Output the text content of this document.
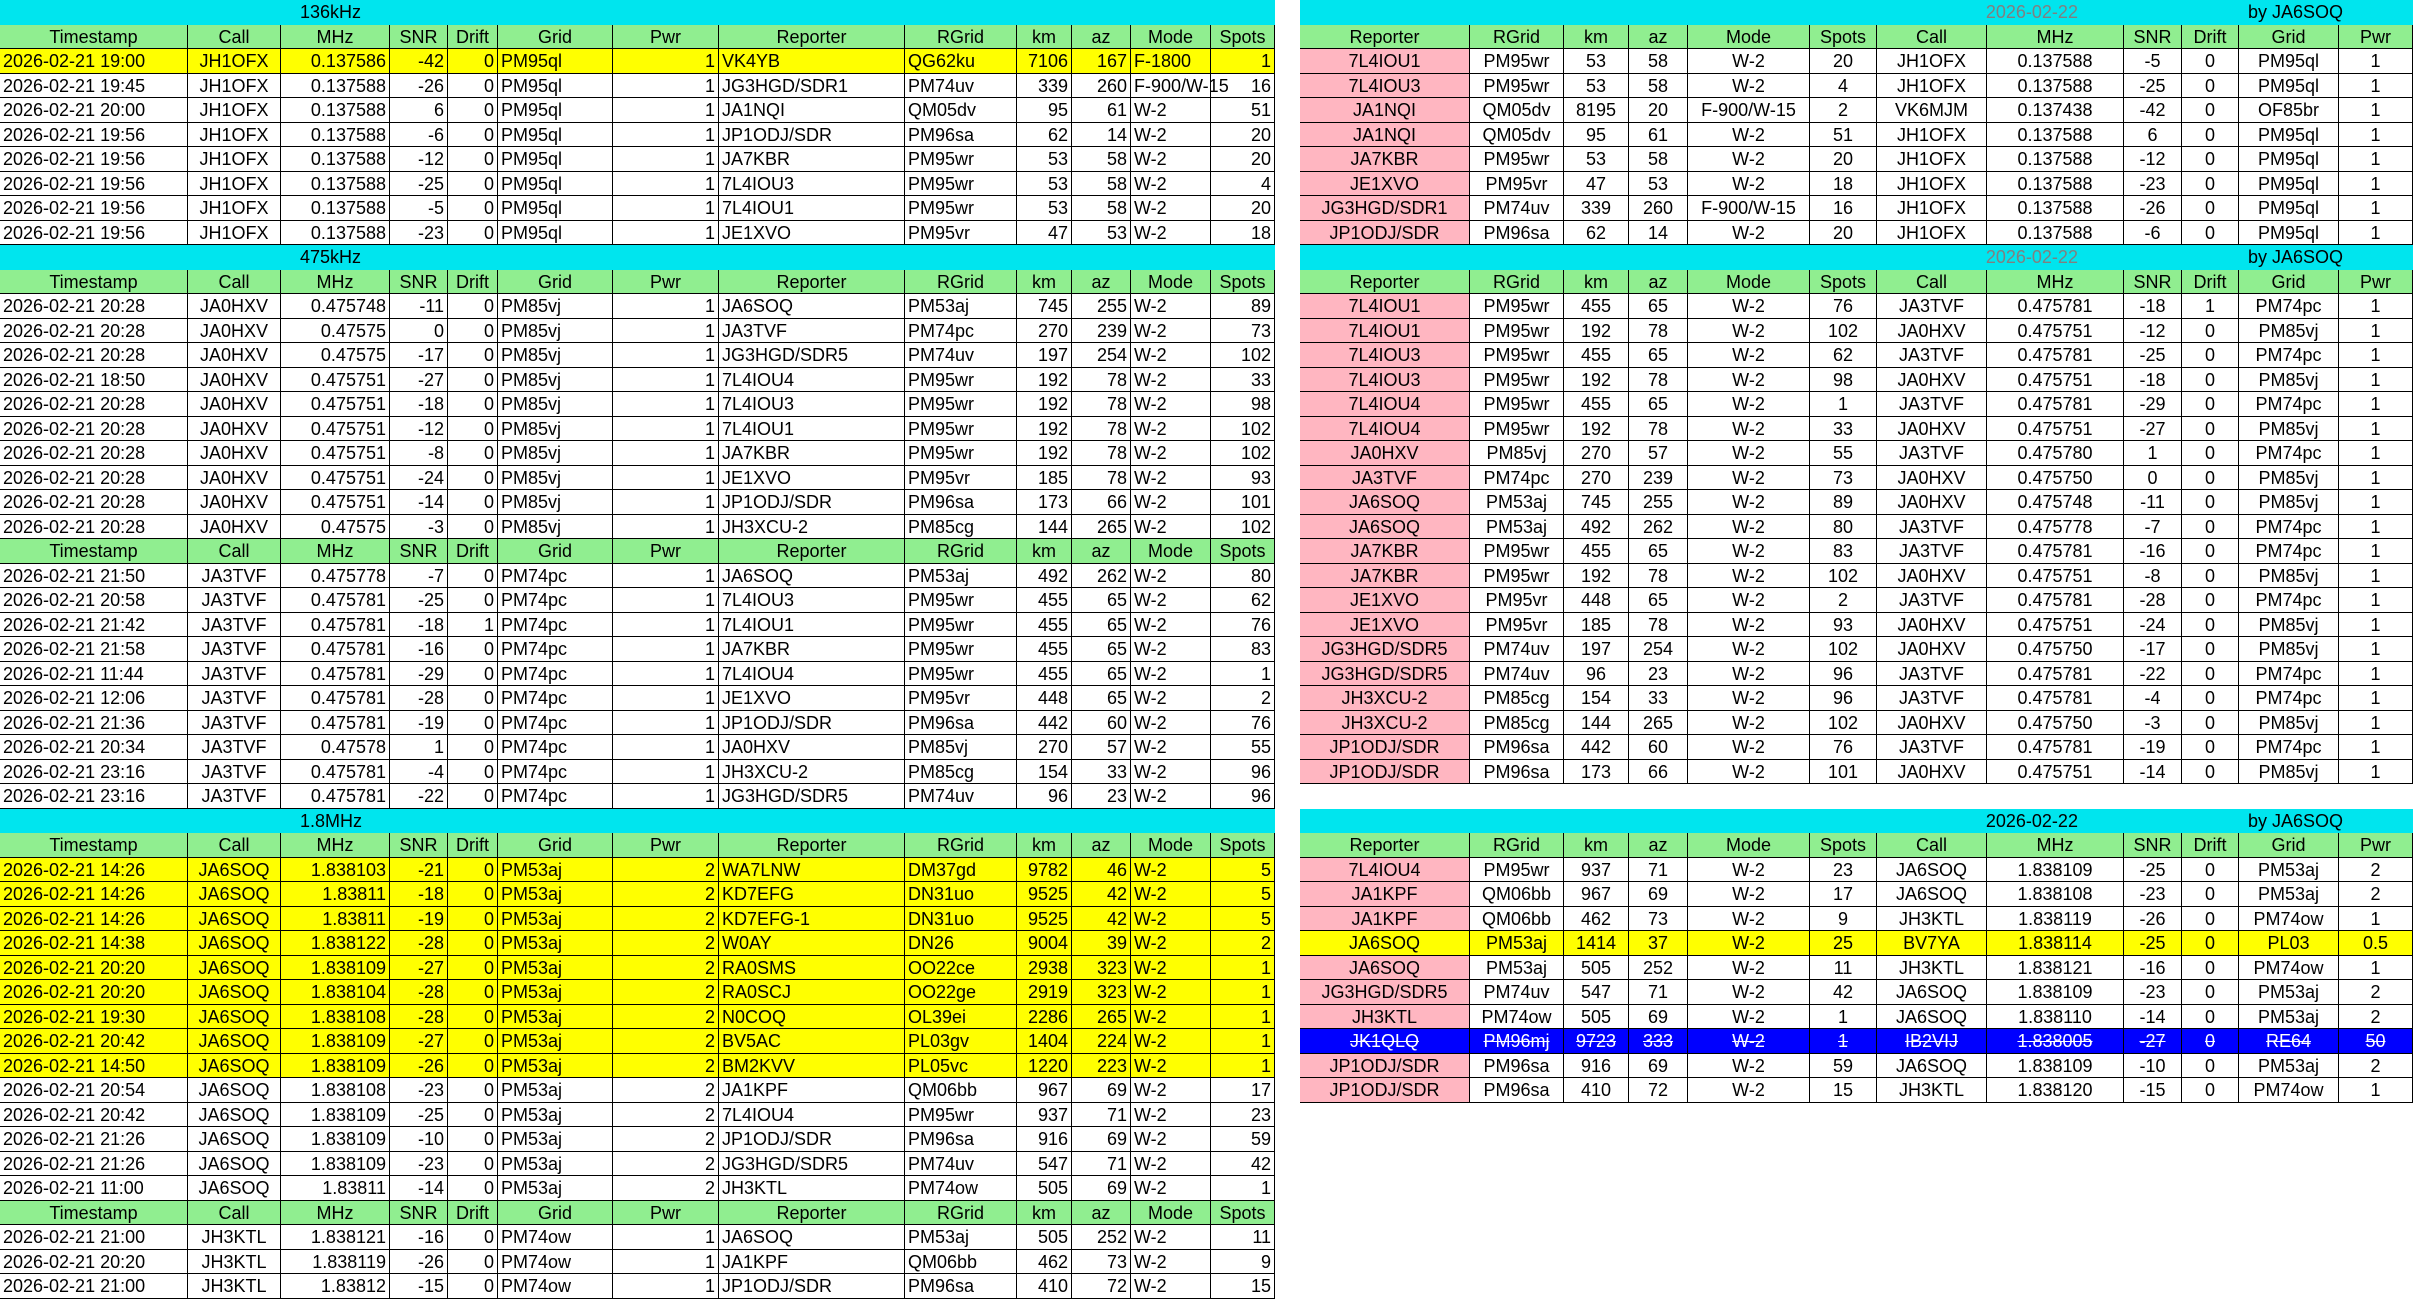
136kHz
Timestamp	Call	MHz	SNR	Drift	Grid	Pwr	Reporter	RGrid	km	az	Mode	Spots
2026-02-21 19:00	JH1OFX	0.137586	-42	0 PM95ql	1 VK4YB	QG62ku	7106	167 F-1800	1
2026-02-21 19:45	JH1OFX	0.137588	-26	0 PM95ql	1 JG3HGD/SDR1	PM74uv	339	260 F-900/W-15	16
2026-02-21 20:00	JH1OFX	0.137588	6	0 PM95ql	1 JA1NQI	QM05dv	95	61 W-2	51
2026-02-21 19:56	JH1OFX	0.137588	-6	0 PM95ql	1 JP1ODJ/SDR	PM96sa	62	14 W-2	20
2026-02-21 19:56	JH1OFX	0.137588	-12	0 PM95ql	1 JA7KBR	PM95wr	53	58 W-2	20
2026-02-21 19:56	JH1OFX	0.137588	-25	0 PM95ql	1 7L4IOU3	PM95wr	53	58 W-2	4
2026-02-21 19:56	JH1OFX	0.137588	-5	0 PM95ql	1 7L4IOU1	PM95wr	53	58 W-2	20
2026-02-21 19:56	JH1OFX	0.137588	-23	0 PM95ql	1 JE1XVO	PM95vr	47	53 W-2	18
475kHz
Timestamp	Call	MHz	SNR	Drift	Grid	Pwr	Reporter	RGrid	km	az	Mode	Spots
2026-02-21 20:28	JA0HXV	0.475748	-11	0 PM85vj	1 JA6SOQ	PM53aj	745	255 W-2	89
2026-02-21 20:28	JA0HXV	0.47575	0	0 PM85vj	1 JA3TVF	PM74pc	270	239 W-2	73
2026-02-21 20:28	JA0HXV	0.47575	-17	0 PM85vj	1 JG3HGD/SDR5	PM74uv	197	254 W-2	102
2026-02-21 18:50	JA0HXV	0.475751	-27	0 PM85vj	1 7L4IOU4	PM95wr	192	78 W-2	33
2026-02-21 20:28	JA0HXV	0.475751	-18	0 PM85vj	1 7L4IOU3	PM95wr	192	78 W-2	98
2026-02-21 20:28	JA0HXV	0.475751	-12	0 PM85vj	1 7L4IOU1	PM95wr	192	78 W-2	102
2026-02-21 20:28	JA0HXV	0.475751	-8	0 PM85vj	1 JA7KBR	PM95wr	192	78 W-2	102
2026-02-21 20:28	JA0HXV	0.475751	-24	0 PM85vj	1 JE1XVO	PM95vr	185	78 W-2	93
2026-02-21 20:28	JA0HXV	0.475751	-14	0 PM85vj	1 JP1ODJ/SDR	PM96sa	173	66 W-2	101
2026-02-21 20:28	JA0HXV	0.47575	-3	0 PM85vj	1 JH3XCU-2	PM85cg	144	265 W-2	102
Timestamp	Call	MHz	SNR	Drift	Grid	Pwr	Reporter	RGrid	km	az	Mode	Spots
2026-02-21 21:50	JA3TVF	0.475778	-7	0 PM74pc	1 JA6SOQ	PM53aj	492	262 W-2	80
2026-02-21 20:58	JA3TVF	0.475781	-25	0 PM74pc	1 7L4IOU3	PM95wr	455	65 W-2	62
2026-02-21 21:42	JA3TVF	0.475781	-18	1 PM74pc	1 7L4IOU1	PM95wr	455	65 W-2	76
2026-02-21 21:58	JA3TVF	0.475781	-16	0 PM74pc	1 JA7KBR	PM95wr	455	65 W-2	83
2026-02-21 11:44	JA3TVF	0.475781	-29	0 PM74pc	1 7L4IOU4	PM95wr	455	65 W-2	1
2026-02-21 12:06	JA3TVF	0.475781	-28	0 PM74pc	1 JE1XVO	PM95vr	448	65 W-2	2
2026-02-21 21:36	JA3TVF	0.475781	-19	0 PM74pc	1 JP1ODJ/SDR	PM96sa	442	60 W-2	76
2026-02-21 20:34	JA3TVF	0.47578	1	0 PM74pc	1 JA0HXV	PM85vj	270	57 W-2	55
2026-02-21 23:16	JA3TVF	0.475781	-4	0 PM74pc	1 JH3XCU-2	PM85cg	154	33 W-2	96
2026-02-21 23:16	JA3TVF	0.475781	-22	0 PM74pc	1 JG3HGD/SDR5	PM74uv	96	23 W-2	96
1.8MHz
Timestamp	Call	MHz	SNR	Drift	Grid	Pwr	Reporter	RGrid	km	az	Mode	Spots
2026-02-21 14:26	JA6SOQ	1.838103	-21	0 PM53aj	2 WA7LNW	DM37gd	9782	46 W-2	5
2026-02-21 14:26	JA6SOQ	1.83811	-18	0 PM53aj	2 KD7EFG	DN31uo	9525	42 W-2	5
2026-02-21 14:26	JA6SOQ	1.83811	-19	0 PM53aj	2 KD7EFG-1	DN31uo	9525	42 W-2	5
2026-02-21 14:38	JA6SOQ	1.838122	-28	0 PM53aj	2 W0AY	DN26	9004	39 W-2	2
2026-02-21 20:20	JA6SOQ	1.838109	-27	0 PM53aj	2 RA0SMS	OO22ce	2938	323 W-2	1
2026-02-21 20:20	JA6SOQ	1.838104	-28	0 PM53aj	2 RA0SCJ	OO22ge	2919	323 W-2	1
2026-02-21 19:30	JA6SOQ	1.838108	-28	0 PM53aj	2 N0COQ	OL39ei	2286	265 W-2	1
2026-02-21 20:42	JA6SOQ	1.838109	-27	0 PM53aj	2 BV5AC	PL03gv	1404	224 W-2	1
2026-02-21 14:50	JA6SOQ	1.838109	-26	0 PM53aj	2 BM2KVV	PL05vc	1220	223 W-2	1
2026-02-21 20:54	JA6SOQ	1.838108	-23	0 PM53aj	2 JA1KPF	QM06bb	967	69 W-2	17
2026-02-21 20:42	JA6SOQ	1.838109	-25	0 PM53aj	2 7L4IOU4	PM95wr	937	71 W-2	23
2026-02-21 21:26	JA6SOQ	1.838109	-10	0 PM53aj	2 JP1ODJ/SDR	PM96sa	916	69 W-2	59
2026-02-21 21:26	JA6SOQ	1.838109	-23	0 PM53aj	2 JG3HGD/SDR5	PM74uv	547	71 W-2	42
2026-02-21 11:00	JA6SOQ	1.83811	-14	0 PM53aj	2 JH3KTL	PM74ow	505	69 W-2	1
Timestamp	Call	MHz	SNR	Drift	Grid	Pwr	Reporter	RGrid	km	az	Mode	Spots
2026-02-21 21:00	JH3KTL	1.838121	-16	0 PM74ow	1 JA6SOQ	PM53aj	505	252 W-2	11
2026-02-21 20:20	JH3KTL	1.838119	-26	0 PM74ow	1 JA1KPF	QM06bb	462	73 W-2	9
2026-02-21 21:00	JH3KTL	1.83812	-15	0 PM74ow	1 JP1ODJ/SDR	PM96sa	410	72 W-2	15
2026-02-22	by JA6SOQ
Reporter	RGrid	km	az	Mode	Spots	Call	MHz	SNR	Drift	Grid	Pwr
7L4IOU1	PM95wr	53	58	W-2	20	JH1OFX	0.137588	-5	0	PM95ql	1
7L4IOU3	PM95wr	53	58	W-2	4	JH1OFX	0.137588	-25	0	PM95ql	1
JA1NQI	QM05dv	8195	20	F-900/W-15	2	VK6MJM	0.137438	-42	0	OF85br	1
JA1NQI	QM05dv	95	61	W-2	51	JH1OFX	0.137588	6	0	PM95ql	1
JA7KBR	PM95wr	53	58	W-2	20	JH1OFX	0.137588	-12	0	PM95ql	1
JE1XVO	PM95vr	47	53	W-2	18	JH1OFX	0.137588	-23	0	PM95ql	1
JG3HGD/SDR1	PM74uv	339	260	F-900/W-15	16	JH1OFX	0.137588	-26	0	PM95ql	1
JP1ODJ/SDR	PM96sa	62	14	W-2	20	JH1OFX	0.137588	-6	0	PM95ql	1
2026-02-22	by JA6SOQ
Reporter	RGrid	km	az	Mode	Spots	Call	MHz	SNR	Drift	Grid	Pwr
7L4IOU1	PM95wr	455	65	W-2	76	JA3TVF	0.475781	-18	1	PM74pc	1
7L4IOU1	PM95wr	192	78	W-2	102	JA0HXV	0.475751	-12	0	PM85vj	1
7L4IOU3	PM95wr	455	65	W-2	62	JA3TVF	0.475781	-25	0	PM74pc	1
7L4IOU3	PM95wr	192	78	W-2	98	JA0HXV	0.475751	-18	0	PM85vj	1
7L4IOU4	PM95wr	455	65	W-2	1	JA3TVF	0.475781	-29	0	PM74pc	1
7L4IOU4	PM95wr	192	78	W-2	33	JA0HXV	0.475751	-27	0	PM85vj	1
JA0HXV	PM85vj	270	57	W-2	55	JA3TVF	0.475780	1	0	PM74pc	1
JA3TVF	PM74pc	270	239	W-2	73	JA0HXV	0.475750	0	0	PM85vj	1
JA6SOQ	PM53aj	745	255	W-2	89	JA0HXV	0.475748	-11	0	PM85vj	1
JA6SOQ	PM53aj	492	262	W-2	80	JA3TVF	0.475778	-7	0	PM74pc	1
JA7KBR	PM95wr	455	65	W-2	83	JA3TVF	0.475781	-16	0	PM74pc	1
JA7KBR	PM95wr	192	78	W-2	102	JA0HXV	0.475751	-8	0	PM85vj	1
JE1XVO	PM95vr	448	65	W-2	2	JA3TVF	0.475781	-28	0	PM74pc	1
JE1XVO	PM95vr	185	78	W-2	93	JA0HXV	0.475751	-24	0	PM85vj	1
JG3HGD/SDR5	PM74uv	197	254	W-2	102	JA0HXV	0.475750	-17	0	PM85vj	1
JG3HGD/SDR5	PM74uv	96	23	W-2	96	JA3TVF	0.475781	-22	0	PM74pc	1
JH3XCU-2	PM85cg	154	33	W-2	96	JA3TVF	0.475781	-4	0	PM74pc	1
JH3XCU-2	PM85cg	144	265	W-2	102	JA0HXV	0.475750	-3	0	PM85vj	1
JP1ODJ/SDR	PM96sa	442	60	W-2	76	JA3TVF	0.475781	-19	0	PM74pc	1
JP1ODJ/SDR	PM96sa	173	66	W-2	101	JA0HXV	0.475751	-14	0	PM85vj	1
2026-02-22	by JA6SOQ
Reporter	RGrid	km	az	Mode	Spots	Call	MHz	SNR	Drift	Grid	Pwr
7L4IOU4	PM95wr	937	71	W-2	23	JA6SOQ	1.838109	-25	0	PM53aj	2
JA1KPF	QM06bb	967	69	W-2	17	JA6SOQ	1.838108	-23	0	PM53aj	2
JA1KPF	QM06bb	462	73	W-2	9	JH3KTL	1.838119	-26	0	PM74ow	1
JA6SOQ	PM53aj	1414	37	W-2	25	BV7YA	1.838114	-25	0	PL03	0.5
JA6SOQ	PM53aj	505	252	W-2	11	JH3KTL	1.838121	-16	0	PM74ow	1
JG3HGD/SDR5	PM74uv	547	71	W-2	42	JA6SOQ	1.838109	-23	0	PM53aj	2
JH3KTL	PM74ow	505	69	W-2	1	JA6SOQ	1.838110	-14	0	PM53aj	2
JK1QLQ	PM96mj	9723	333	W-2	1	IB2VIJ	1.838005	-27	0	RE64	50
JP1ODJ/SDR	PM96sa	916	69	W-2	59	JA6SOQ	1.838109	-10	0	PM53aj	2
JP1ODJ/SDR	PM96sa	410	72	W-2	15	JH3KTL	1.838120	-15	0	PM74ow	1
